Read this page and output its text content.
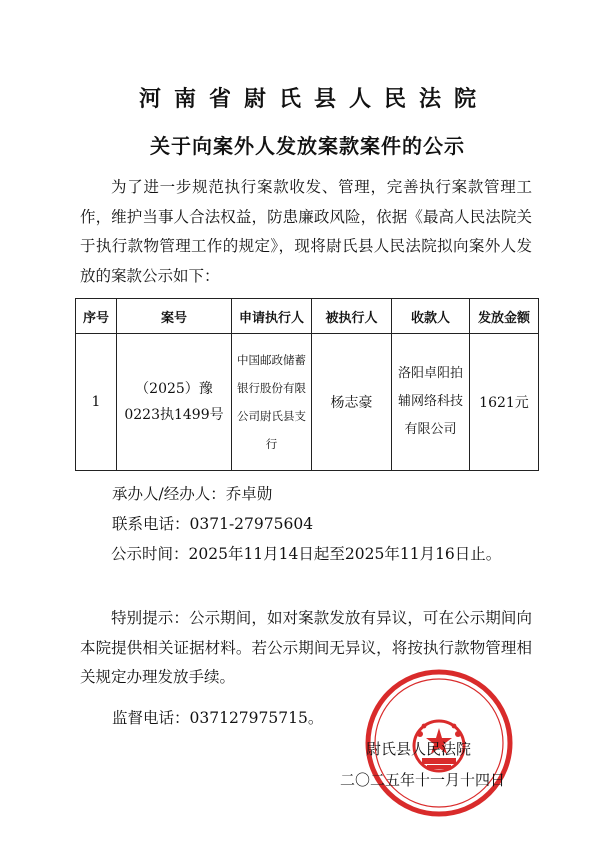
河南省尉氏县人民法院
关于向案外人发放案款案件的公示

为了进一步规范执行案款收发、管理，完善执行案款管理工作，维护当事人合法权益，防患廉政风险，依据《最高人民法院关于执行款物管理工作的规定》，现将尉氏县人民法院拟向案外人发放的案款公示如下：

序号	案号	申请执行人	被执行人	收款人	发放金额
1	（2025）豫0223执1499号	中国邮政储蓄银行股份有限公司尉氏县支行	杨志豪	洛阳卓阳拍辅网络科技有限公司	1621元

承办人/经办人：乔卓勋

联系电话：0371-27975604

公示时间：2025年11月14日起至2025年11月16日止。

特别提示：公示期间，如对案款发放有异议，可在公示期间向本院提供相关证据材料。若公示期间无异议，将按执行款物管理相关规定办理发放手续。

监督电话：037127975715。

尉氏县人民法院

二〇二五年十一月十四日
